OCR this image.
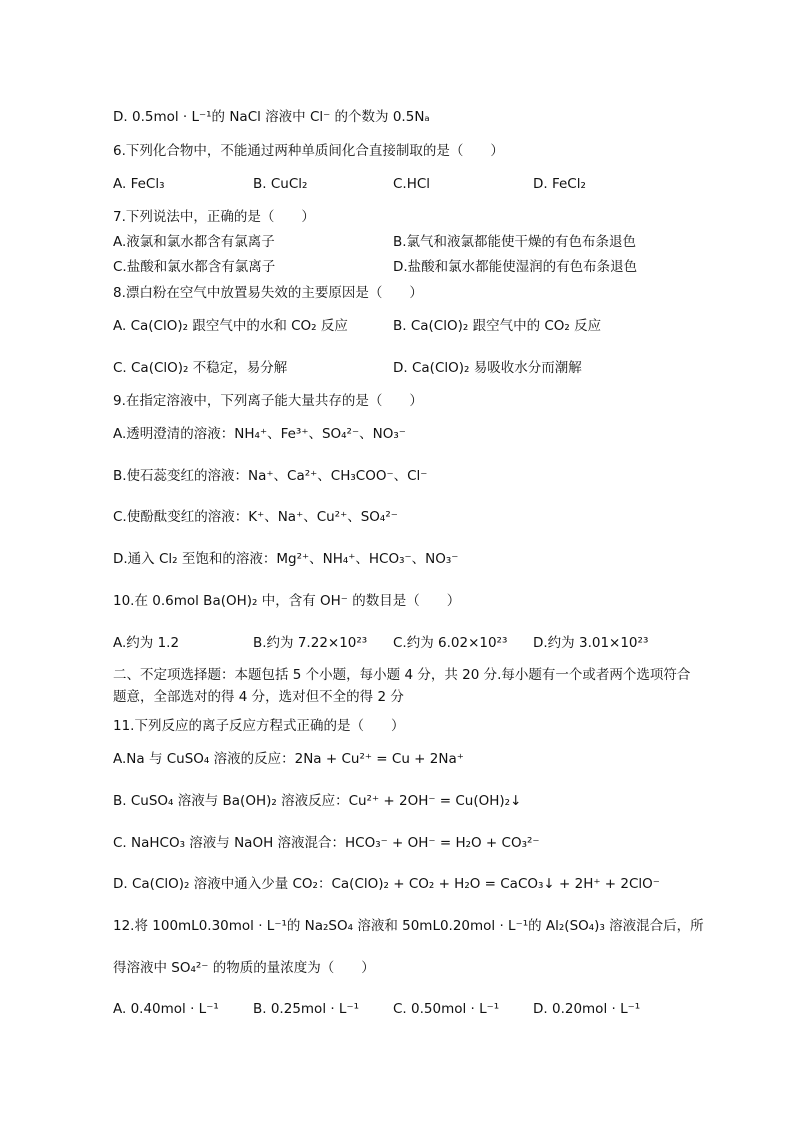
D. 0.5mol · L⁻¹的 NaCl 溶液中 Cl⁻ 的个数为 0.5Nₐ
6.下列化合物中，不能通过两种单质间化合直接制取的是（　　）
A. FeCl₃	B. CuCl₂	C.HCl	D. FeCl₂
7.下列说法中，正确的是（　　）
A.液氯和氯水都含有氯离子	B.氯气和液氯都能使干燥的有色布条退色
C.盐酸和氯水都含有氯离子	D.盐酸和氯水都能使湿润的有色布条退色
8.漂白粉在空气中放置易失效的主要原因是（　　）
A. Ca(ClO)₂ 跟空气中的水和 CO₂ 反应	B. Ca(ClO)₂ 跟空气中的 CO₂ 反应
C. Ca(ClO)₂ 不稳定，易分解	D. Ca(ClO)₂ 易吸收水分而潮解
9.在指定溶液中，下列离子能大量共存的是（　　）
A.透明澄清的溶液：NH₄⁺、Fe³⁺、SO₄²⁻、NO₃⁻
B.使石蕊变红的溶液：Na⁺、Ca²⁺、CH₃COO⁻、Cl⁻
C.使酚酞变红的溶液：K⁺、Na⁺、Cu²⁺、SO₄²⁻
D.通入 Cl₂ 至饱和的溶液：Mg²⁺、NH₄⁺、HCO₃⁻、NO₃⁻
10.在 0.6mol Ba(OH)₂ 中，含有 OH⁻ 的数目是（　　）
A.约为 1.2	B.约为 7.22×10²³ C.约为 6.02×10²³ D.约为 3.01×10²³
二、不定项选择题：本题包括 5 个小题，每小题 4 分，共 20 分.每小题有一个或者两个选项符合题意，全部选对的得 4 分，选对但不全的得 2 分
11.下列反应的离子反应方程式正确的是（　　）
A.Na 与 CuSO₄ 溶液的反应：2Na + Cu²⁺ = Cu + 2Na⁺
B. CuSO₄ 溶液与 Ba(OH)₂ 溶液反应：Cu²⁺ + 2OH⁻ = Cu(OH)₂↓
C. NaHCO₃ 溶液与 NaOH 溶液混合：HCO₃⁻ + OH⁻ = H₂O + CO₃²⁻
D. Ca(ClO)₂ 溶液中通入少量 CO₂：Ca(ClO)₂ + CO₂ + H₂O = CaCO₃↓ + 2H⁺ + 2ClO⁻
12.将 100mL0.30mol · L⁻¹的 Na₂SO₄ 溶液和 50mL0.20mol · L⁻¹的 Al₂(SO₄)₃ 溶液混合后，所
得溶液中 SO₄²⁻ 的物质的量浓度为（　　）
A. 0.40mol · L⁻¹	B. 0.25mol · L⁻¹	C. 0.50mol · L⁻¹	D. 0.20mol · L⁻¹
